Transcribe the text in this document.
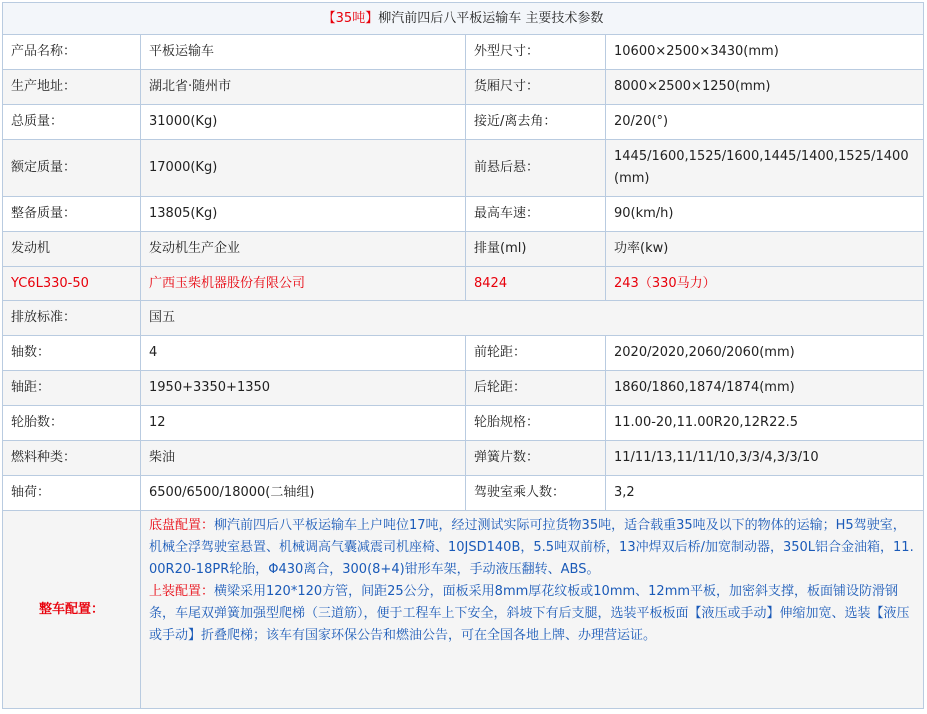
【35吨】柳汽前四后八平板运输车 主要技术参数			
产品名称：	平板运输车	外型尺寸：	10600×2500×3430(mm)
生产地址：	湖北省·随州市	货厢尺寸：	8000×2500×1250(mm)
总质量：	31000(Kg)	接近/离去角：	20/20(°)
额定质量：	17000(Kg)	前悬后悬：	1445/1600,1525/1600,1445/1400,1525/1400(mm)
整备质量：	13805(Kg)	最高车速：	90(km/h)
发动机	发动机生产企业	排量(ml)	功率(kw)
YC6L330-50	广西玉柴机器股份有限公司	8424	243（330马力）
排放标准：	国五		
轴数：	4	前轮距：	2020/2020,2060/2060(mm)
轴距：	1950+3350+1350	后轮距：	1860/1860,1874/1874(mm)
轮胎数：	12	轮胎规格：	11.00-20,11.00R20,12R22.5
燃料种类：	柴油	弹簧片数：	11/11/13,11/11/10,3/3/4,3/3/10
轴荷：	6500/6500/18000(二轴组)	驾驶室乘人数：	3,2
整车配置：	底盘配置：柳汽前四后八平板运输车上户吨位17吨，经过测试实际可拉货物35吨，适合载重35吨及以下的物体的运输；H5驾驶室，机械全浮驾驶室悬置、机械调高气囊减震司机座椅、10JSD140B，5.5吨双前桥，13冲焊双后桥/加宽制动器，350L铝合金油箱，11.00R20-18PR轮胎，Φ430离合，300(8+4)钳形车架，手动液压翻转、ABS。
上装配置：横梁采用120*120方管，间距25公分，面板采用8mm厚花纹板或10mm、12mm平板，加密斜支撑，板面铺设防滑钢条，车尾双弹簧加强型爬梯（三道筋），便于工程车上下安全，斜坡下有后支腿，选装平板板面【液压或手动】伸缩加宽、选装【液压或手动】折叠爬梯；该车有国家环保公告和燃油公告，可在全国各地上牌、办理营运证。		
